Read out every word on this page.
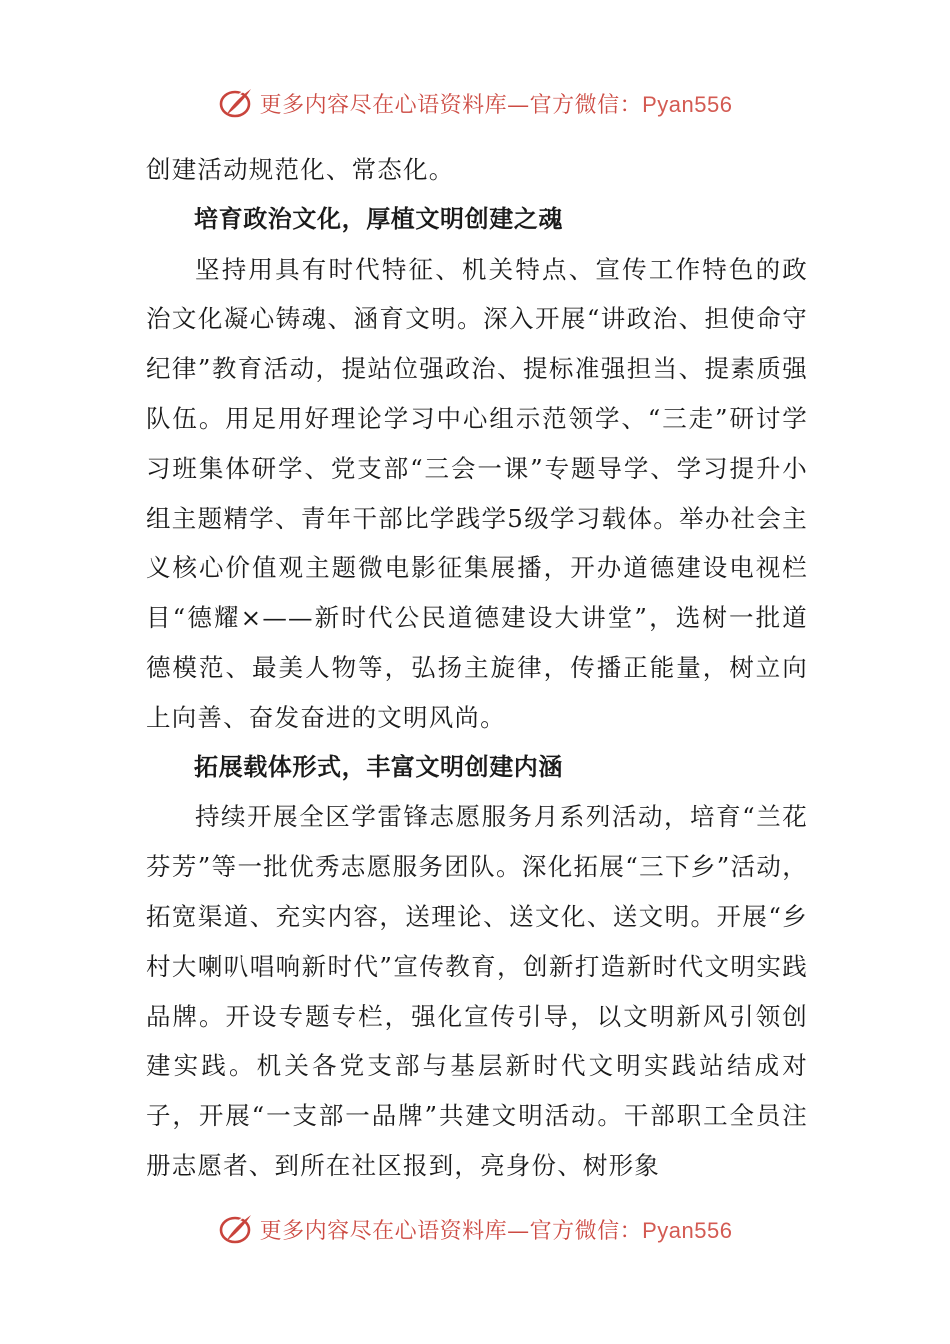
更多内容尽在心语资料库—官方微信：Pyan556

创建活动规范化、常态化。

培育政治文化，厚植文明创建之魂

坚持用具有时代特征、机关特点、宣传工作特色的政治文化凝心铸魂、涵育文明。深入开展“讲政治、担使命守纪律”教育活动，提站位强政治、提标准强担当、提素质强队伍。用足用好理论学习中心组示范领学、“三走”研讨学习班集体研学、党支部“三会一课”专题导学、学习提升小组主题精学、青年干部比学践学5级学习载体。举办社会主义核心价值观主题微电影征集展播，开办道德建设电视栏目“德耀×——新时代公民道德建设大讲堂”，选树一批道德模范、最美人物等，弘扬主旋律，传播正能量，树立向上向善、奋发奋进的文明风尚。

拓展载体形式，丰富文明创建内涵

持续开展全区学雷锋志愿服务月系列活动，培育“兰花芬芳”等一批优秀志愿服务团队。深化拓展“三下乡”活动，拓宽渠道、充实内容，送理论、送文化、送文明。开展“乡村大喇叭唱响新时代”宣传教育，创新打造新时代文明实践品牌。开设专题专栏，强化宣传引导，以文明新风引领创建实践。机关各党支部与基层新时代文明实践站结成对子，开展“一支部一品牌”共建文明活动。干部职工全员注册志愿者、到所在社区报到，亮身份、树形象

更多内容尽在心语资料库—官方微信：Pyan556
